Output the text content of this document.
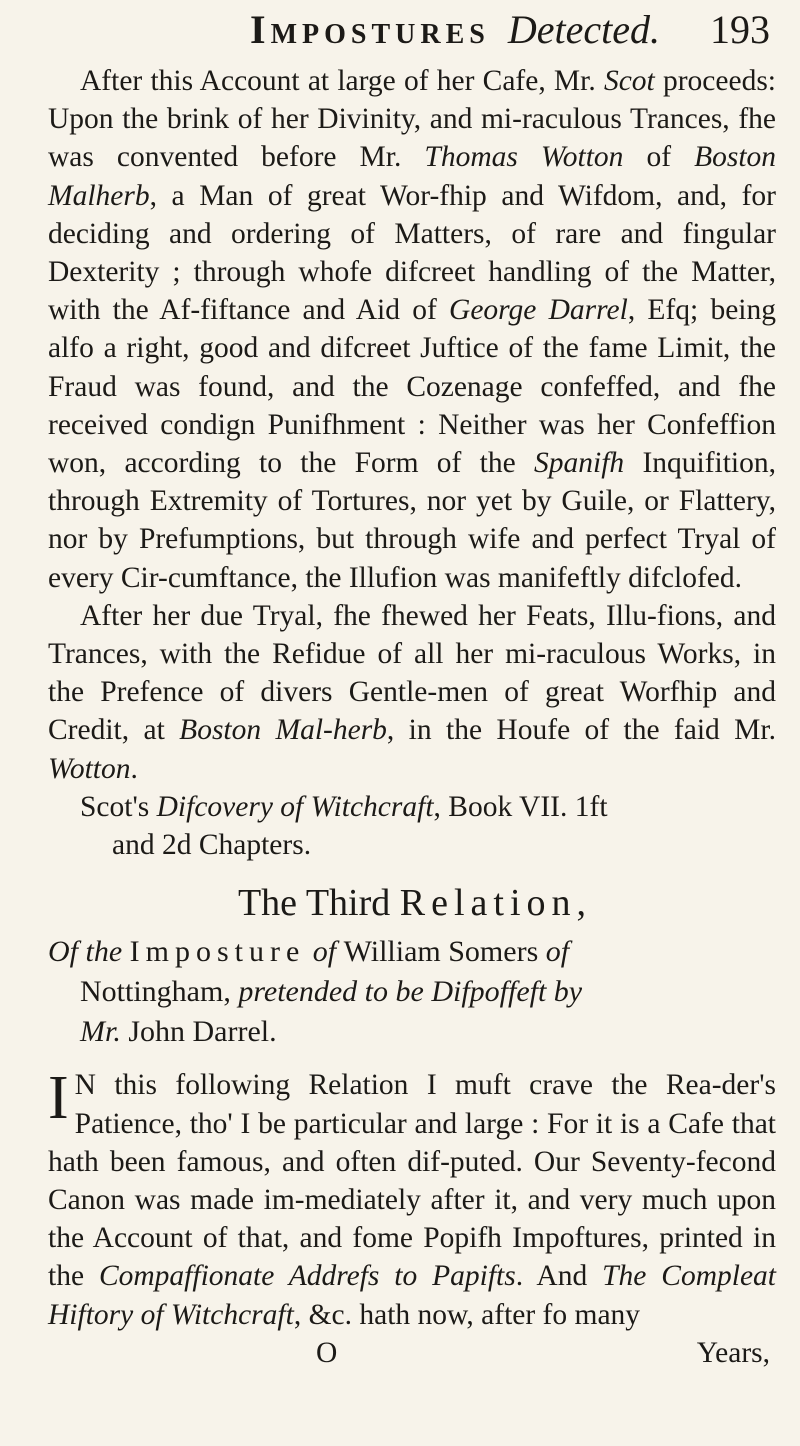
Impostures Detected. 193

After this Account at large of her Cafe, Mr. Scot proceeds: Upon the brink of her Divinity, and mi-raculous Trances, fhe was convented before Mr. Thomas Wotton of Boston Malherb, a Man of great Wor-fhip and Wifdom, and, for deciding and ordering of Matters, of rare and fingular Dexterity ; through whofe difcreet handling of the Matter, with the Af-fiftance and Aid of George Darrel, Efq; being alfo a right, good and difcreet Juftice of the fame Limit, the Fraud was found, and the Cozenage confeffed, and fhe received condign Punifhment : Neither was her Confeffion won, according to the Form of the Spanifh Inquifition, through Extremity of Tortures, nor yet by Guile, or Flattery, nor by Prefumptions, but through wife and perfect Tryal of every Cir-cumftance, the Illufion was manifeftly difclofed.

After her due Tryal, fhe fhewed her Feats, Illu-fions, and Trances, with the Refidue of all her mi-raculous Works, in the Prefence of divers Gentle-men of great Worfhip and Credit, at Boston Mal-herb, in the Houfe of the faid Mr. Wotton.

Scot's Difcovery of Witchcraft, Book VII. 1ft

and 2d Chapters.

The Third Relation,

Of the Imposture of William Somers of

Nottingham, pretended to be Difpoffeft by

Mr. John Darrel.

I N this following Relation I muft crave the Rea-der's Patience, tho' I be particular and large : For it is a Cafe that hath been famous, and often dif-puted. Our Seventy-fecond Canon was made im-mediately after it, and very much upon the Account of that, and fome Popifh Impoftures, printed in the Compaffionate Addrefs to Papifts. And The Compleat Hiftory of Witchcraft, &c. hath now, after fo many

O	Years,
